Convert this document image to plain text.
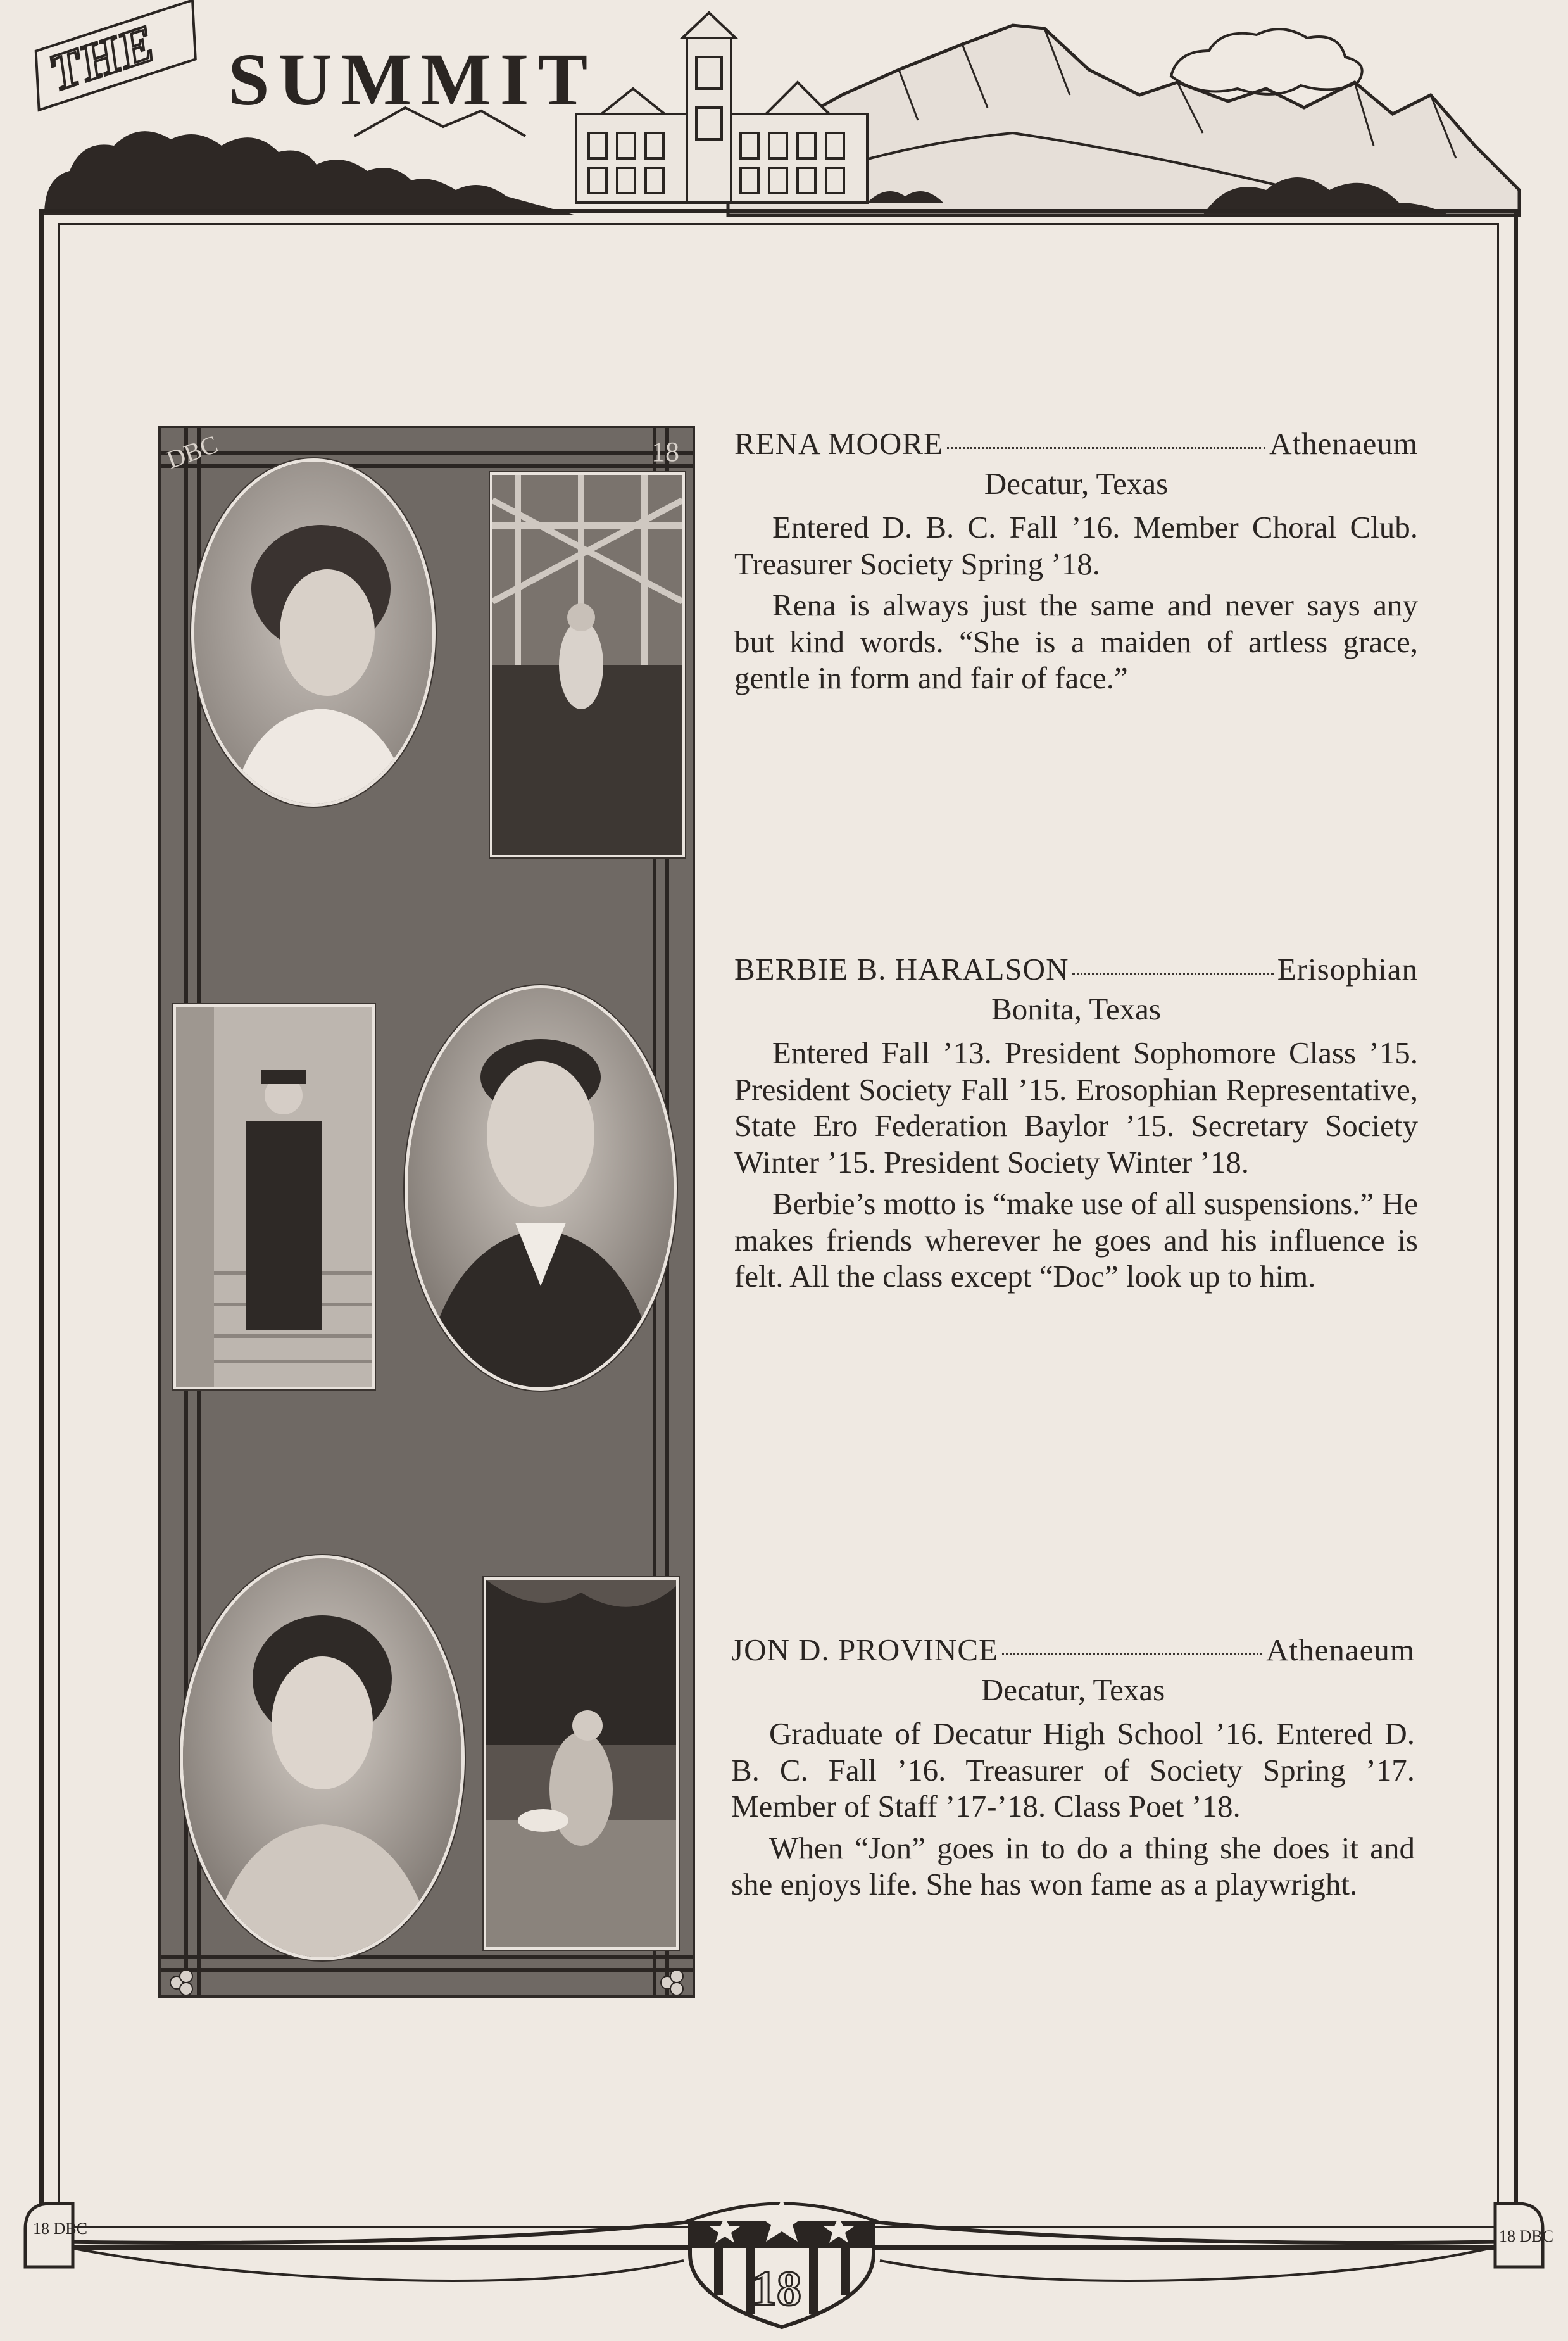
THE SUMMIT
DBC	18 RENA MOORE	Athenaeum
Decatur, Texas

Entered D. B. C. Fall ’16. Member Choral Club. Treasurer Society Spring ’18.

Rena is always just the same and never says any but kind words. “She is a maiden of artless grace, gentle in form and fair of face.”

BERBIE B. HARALSON	Erisophian
Bonita, Texas

Entered Fall ’13. President Sophomore Class ’15. President Society Fall ’15. Erosophian Representative, State Ero Federation Baylor ’15. Secretary Society Winter ’15. President Society Winter ’18.

Berbie’s motto is “make use of all suspensions.” He makes friends wherever he goes and his influence is felt. All the class except “Doc” look up to him.

JON D. PROVINCE	Athenaeum
Decatur, Texas

Graduate of Decatur High School ’16. Entered D. B. C. Fall ’16. Treasurer of Society Spring ’17. Member of Staff ’17-’18. Class Poet ’18.

When “Jon” goes in to do a thing she does it and she enjoys life. She has won fame as a playwright.

18
18 DBC	18 DBC
